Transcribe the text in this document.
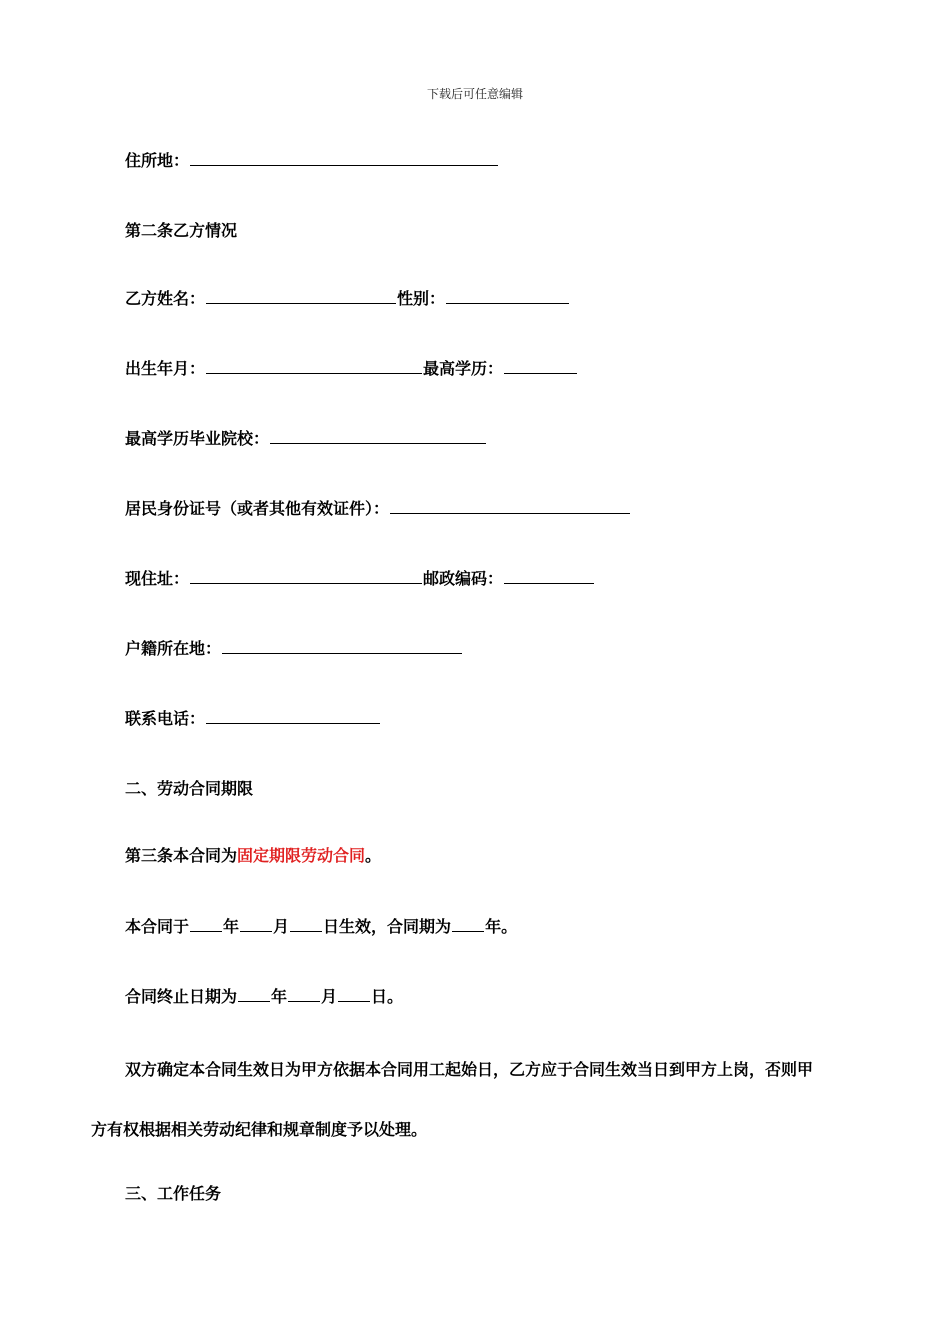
下载后可任意编辑
住所地：
第二条乙方情况
乙方姓名：	性别：
出生年月：	最高学历：
最高学历毕业院校：
居民身份证号（或者其他有效证件）：
现住址：	邮政编码：
户籍所在地：
联系电话：
二、劳动合同期限
第三条本合同为固定期限劳动合同。
本合同于 年 月 日生效，合同期为 年。
合同终止日期为 年 月 日。
双方确定本合同生效日为甲方依据本合同用工起始日，乙方应于合同生效当日到甲方上岗，否则甲
方有权根据相关劳动纪律和规章制度予以处理。
三、工作任务
